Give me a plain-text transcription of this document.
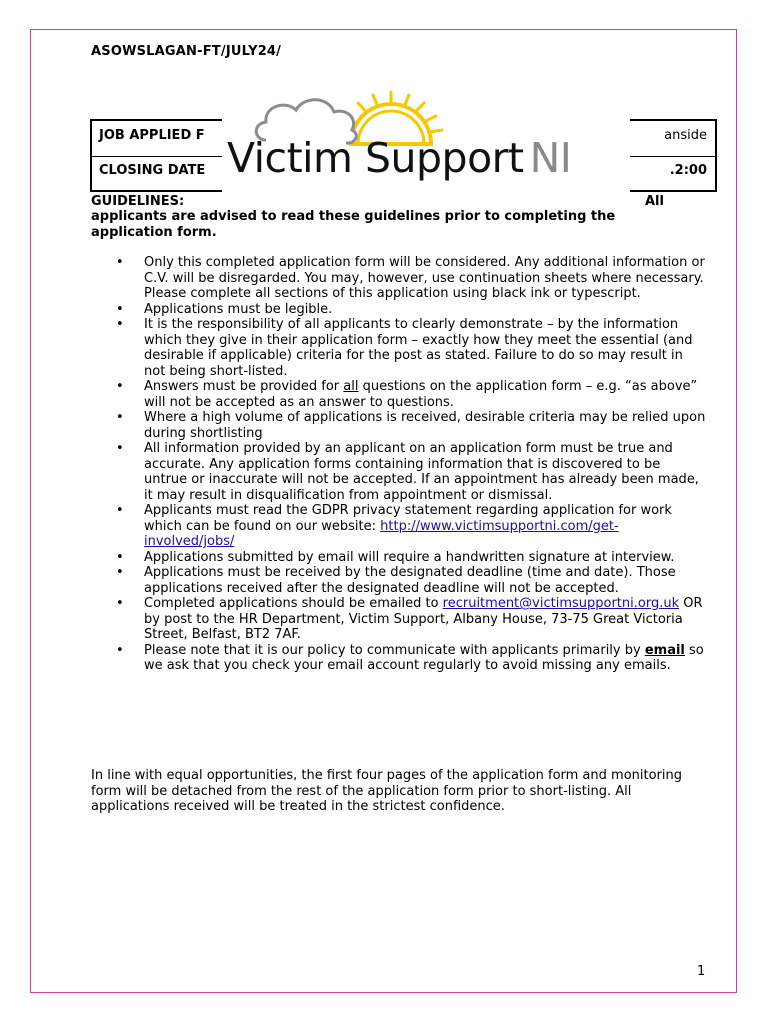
ASOWSLAGAN-FT/JULY24/
JOB APPLIED F	anside
CLOSING DATE	.2:00
Victim Support NI
GUIDELINES:	All
applicants are advised to read these guidelines prior to completing the application form.
• Only this completed application form will be considered. Any additional information or C.V. will be disregarded. You may, however, use continuation sheets where necessary. Please complete all sections of this application using black ink or typescript.
• Applications must be legible.
• It is the responsibility of all applicants to clearly demonstrate – by the information which they give in their application form – exactly how they meet the essential (and desirable if applicable) criteria for the post as stated. Failure to do so may result in not being short-listed.
• Answers must be provided for all questions on the application form – e.g. “as above” will not be accepted as an answer to questions.
• Where a high volume of applications is received, desirable criteria may be relied upon during shortlisting
• All information provided by an applicant on an application form must be true and accurate. Any application forms containing information that is discovered to be untrue or inaccurate will not be accepted. If an appointment has already been made, it may result in disqualification from appointment or dismissal.
• Applicants must read the GDPR privacy statement regarding application for work which can be found on our website: http://www.victimsupportni.com/get-involved/jobs/
• Applications submitted by email will require a handwritten signature at interview.
• Applications must be received by the designated deadline (time and date). Those applications received after the designated deadline will not be accepted.
• Completed applications should be emailed to recruitment@victimsupportni.org.uk OR by post to the HR Department, Victim Support, Albany House, 73-75 Great Victoria Street, Belfast, BT2 7AF.
• Please note that it is our policy to communicate with applicants primarily by email so we ask that you check your email account regularly to avoid missing any emails.
In line with equal opportunities, the first four pages of the application form and monitoring form will be detached from the rest of the application form prior to short-listing. All applications received will be treated in the strictest confidence.
1
